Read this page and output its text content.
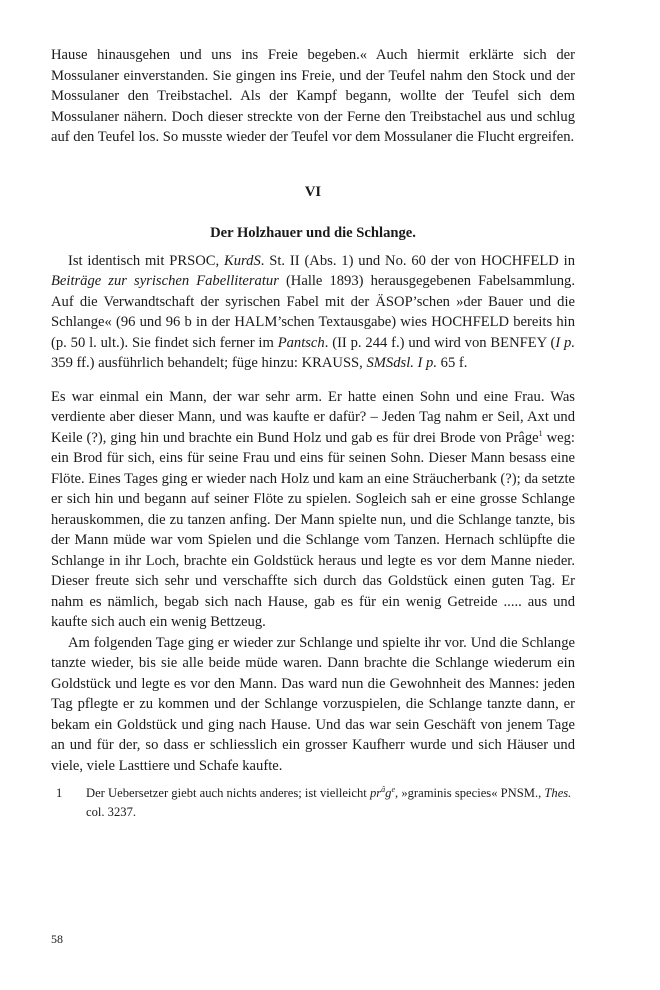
Hause hinausgehen und uns ins Freie begeben.« Auch hiermit erklärte sich der Mossulaner einverstanden. Sie gingen ins Freie, und der Teufel nahm den Stock und der Mossulaner den Treibstachel. Als der Kampf begann, wollte der Teufel sich dem Mossulaner nähern. Doch dieser streckte von der Ferne den Treibstachel aus und schlug auf den Teufel los. So musste wieder der Teufel vor dem Mossulaner die Flucht ergreifen.

VI
Der Holzhauer und die Schlange.

Ist identisch mit PRSOC, KurdS. St. II (Abs. 1) und No. 60 der von HOCHFELD in Beiträge zur syrischen Fabelliteratur (Halle 1893) herausgegebenen Fabelsammlung. Auf die Verwandtschaft der syrischen Fabel mit der ÄSOP’schen »der Bauer und die Schlange« (96 und 96 b in der HALM’schen Textausgabe) wies HOCHFELD bereits hin (p. 50 l. ult.). Sie findet sich ferner im Pantsch. (II p. 244 f.) und wird von BENFEY (I p. 359 ff.) ausführlich behandelt; füge hinzu: KRAUSS, SMSdsl. I p. 65 f.

Es war einmal ein Mann, der war sehr arm. Er hatte einen Sohn und eine Frau. Was verdiente aber dieser Mann, und was kaufte er dafür? – Jeden Tag nahm er Seil, Axt und Keile (?), ging hin und brachte ein Bund Holz und gab es für drei Brode von Prâge$^1$ weg: ein Brod für sich, eins für seine Frau und eins für seinen Sohn. Dieser Mann besass eine Flöte. Eines Tages ging er wieder nach Holz und kam an eine Sträucherbank (?); da setzte er sich hin und begann auf seiner Flöte zu spielen. Sogleich sah er eine grosse Schlange herauskommen, die zu tanzen anfing. Der Mann spielte nun, und die Schlange tanzte, bis der Mann müde war vom Spielen und die Schlange vom Tanzen. Hernach schlüpfte die Schlange in ihr Loch, brachte ein Goldstück heraus und legte es vor dem Manne nieder. Dieser freute sich sehr und verschaffte sich durch das Goldstück einen guten Tag. Er nahm es nämlich, begab sich nach Hause, gab es für ein wenig Getreide ..... aus und kaufte sich auch ein wenig Bettzeug.

Am folgenden Tage ging er wieder zur Schlange und spielte ihr vor. Und die Schlange tanzte wieder, bis sie alle beide müde waren. Dann brachte die Schlange wiederum ein Goldstück und legte es vor den Mann. Das ward nun die Gewohnheit des Mannes: jeden Tag pflegte er zu kommen und der Schlange vorzuspielen, die Schlange tanzte dann, er bekam ein Goldstück und ging nach Hause. Und das war sein Geschäft von jenem Tage an und für der, so dass er schliesslich ein grosser Kaufherr wurde und sich Häuser und viele, viele Lasttiere und Schafe kaufte.

1	Der Uebersetzer giebt auch nichts anderes; ist vielleicht $pr^âg^e$, »graminis species« PNSM., Thes. col. 3237.
58
